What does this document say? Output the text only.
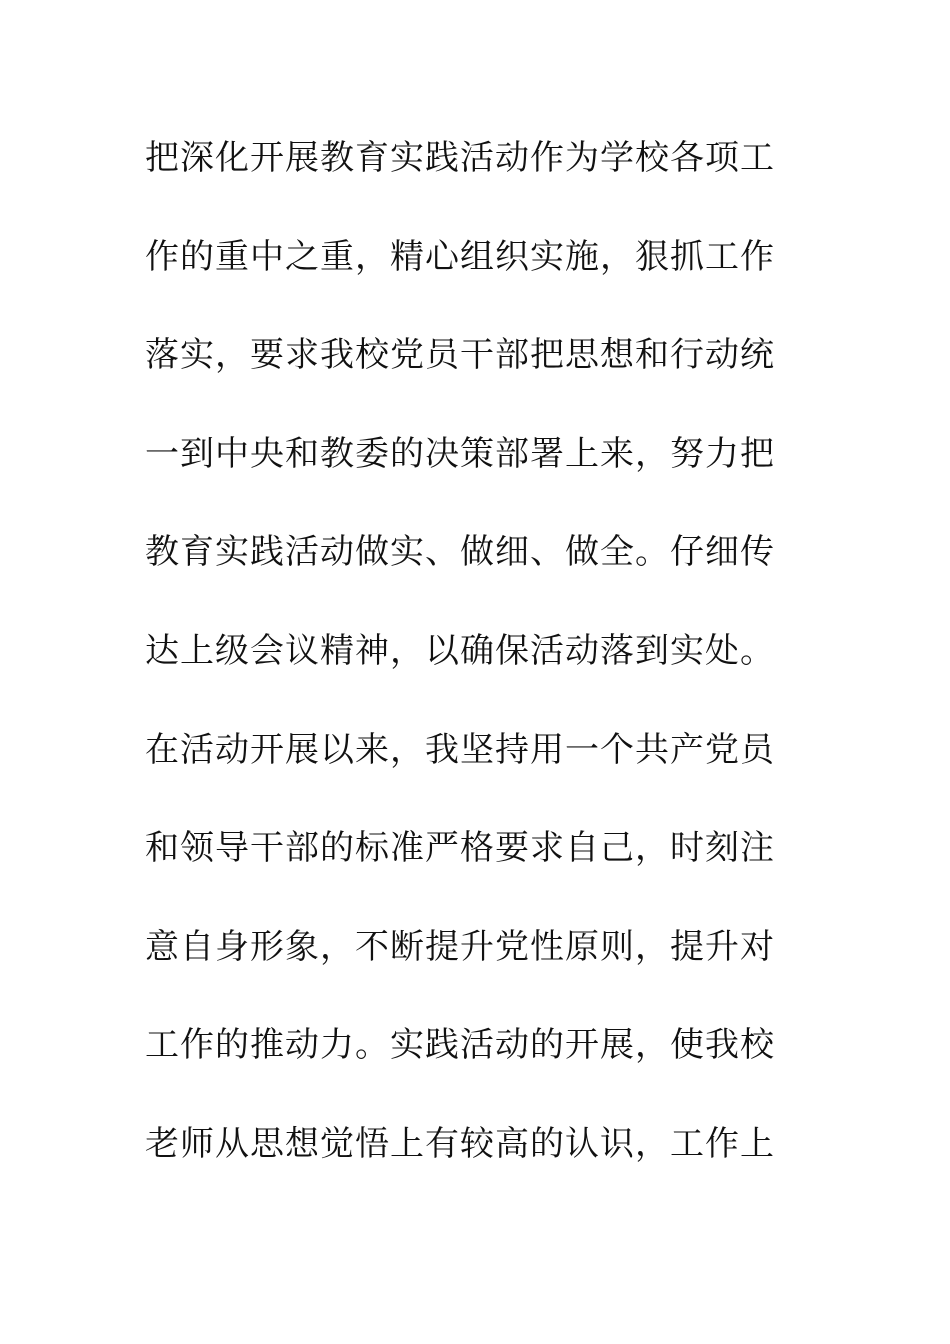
把深化开展教育实践活动作为学校各项工
作的重中之重，精心组织实施，狠抓工作
落实，要求我校党员干部把思想和行动统
一到中央和教委的决策部署上来，努力把
教育实践活动做实、做细、做全。仔细传
达上级会议精神，以确保活动落到实处。
在活动开展以来，我坚持用一个共产党员
和领导干部的标准严格要求自己，时刻注
意自身形象，不断提升党性原则，提升对
工作的推动力。实践活动的开展，使我校
老师从思想觉悟上有较高的认识，工作上
